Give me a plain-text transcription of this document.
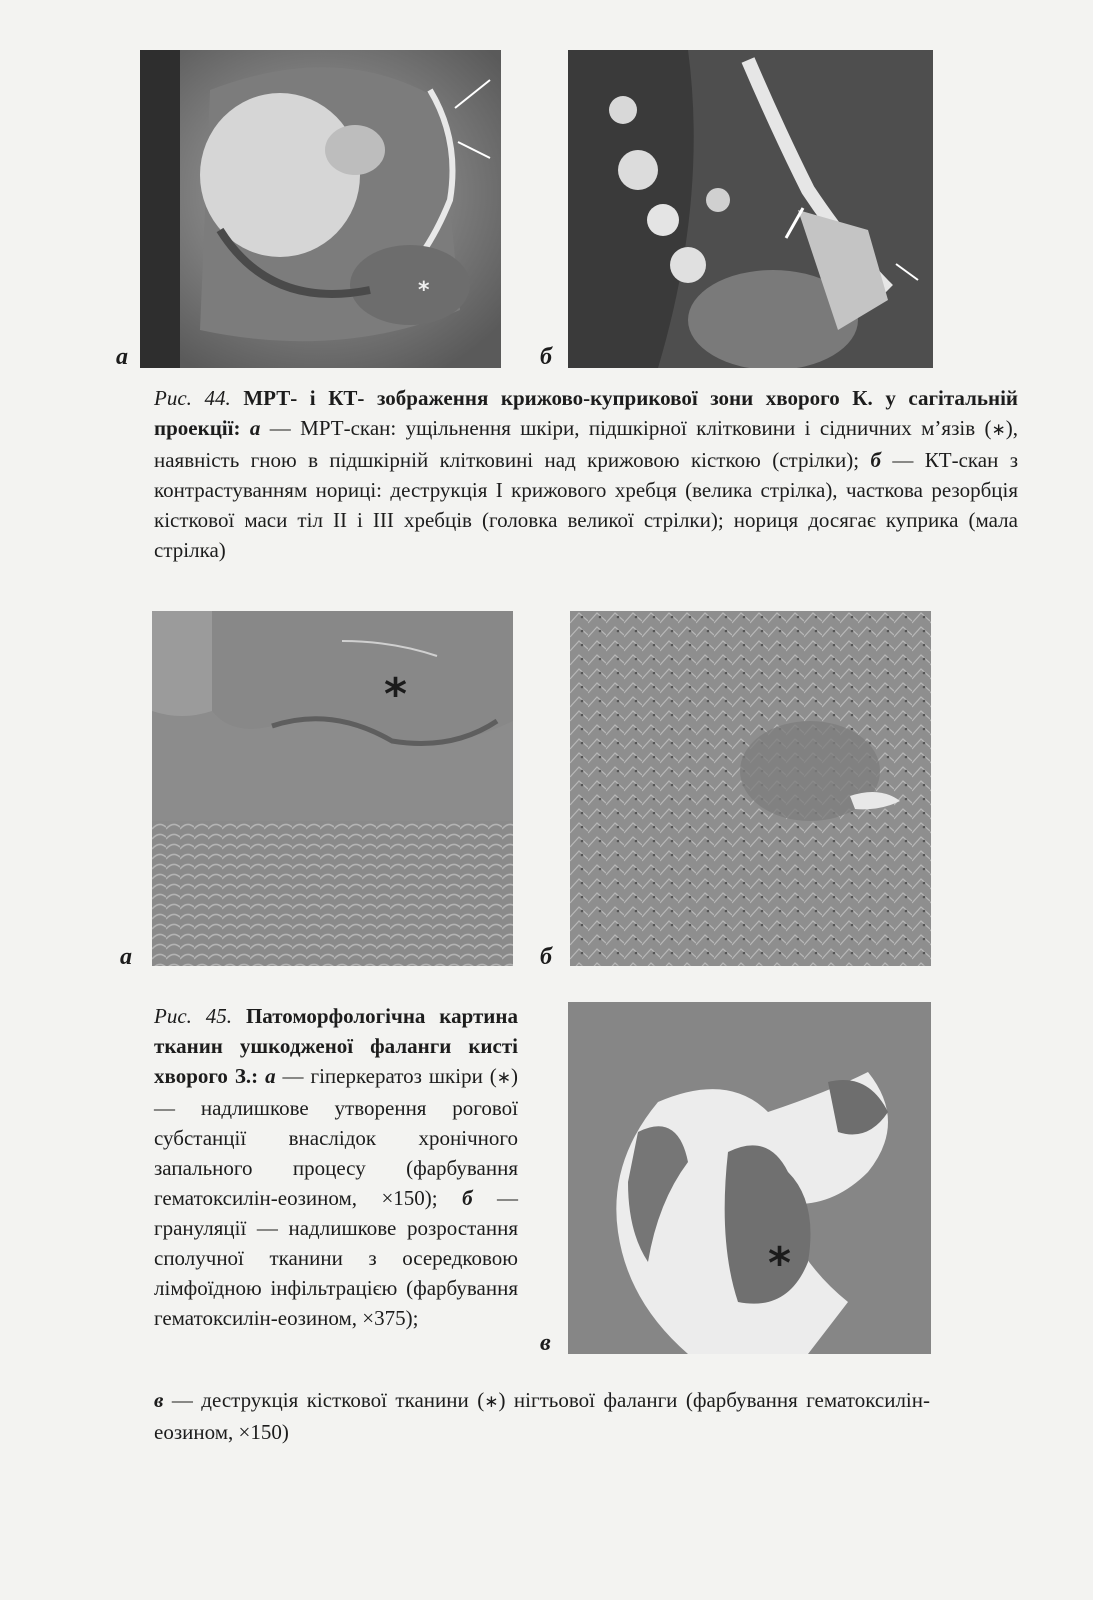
*
а	б
Рис. 44. МРТ- і КТ- зображення крижово-куприкової зони хворого К. у сагітальній проекції: а — МРТ-скан: ущільнення шкіри, підшкірної клітковини і сідничних м’язів (∗), наявність гною в підшкірній клітковині над крижовою кісткою (стрілки); б — КТ-скан з контрастуванням нориці: деструкція I крижового хребця (велика стрілка), часткова резорбція кісткової маси тіл II і III хребців (головка великої стрілки); нориця досягає куприка (мала стрілка)
*
а	б
*
в
Рис. 45. Патоморфологічна картина тканин ушкодженої фаланги кисті хворого З.: а — гіперкератоз шкіри (∗) — надлишкове утворення рогової субстанції внаслідок хронічного запального процесу (фарбування гематоксилін-еозином, ×150); б — грануляції — надлишкове розростання сполучної тканини з осередковою лімфоїдною інфільтрацією (фарбування гематоксилін-еозином, ×375);
в — деструкція кісткової тканини (∗) нігтьової фаланги (фарбування гематоксилін-еозином, ×150)
